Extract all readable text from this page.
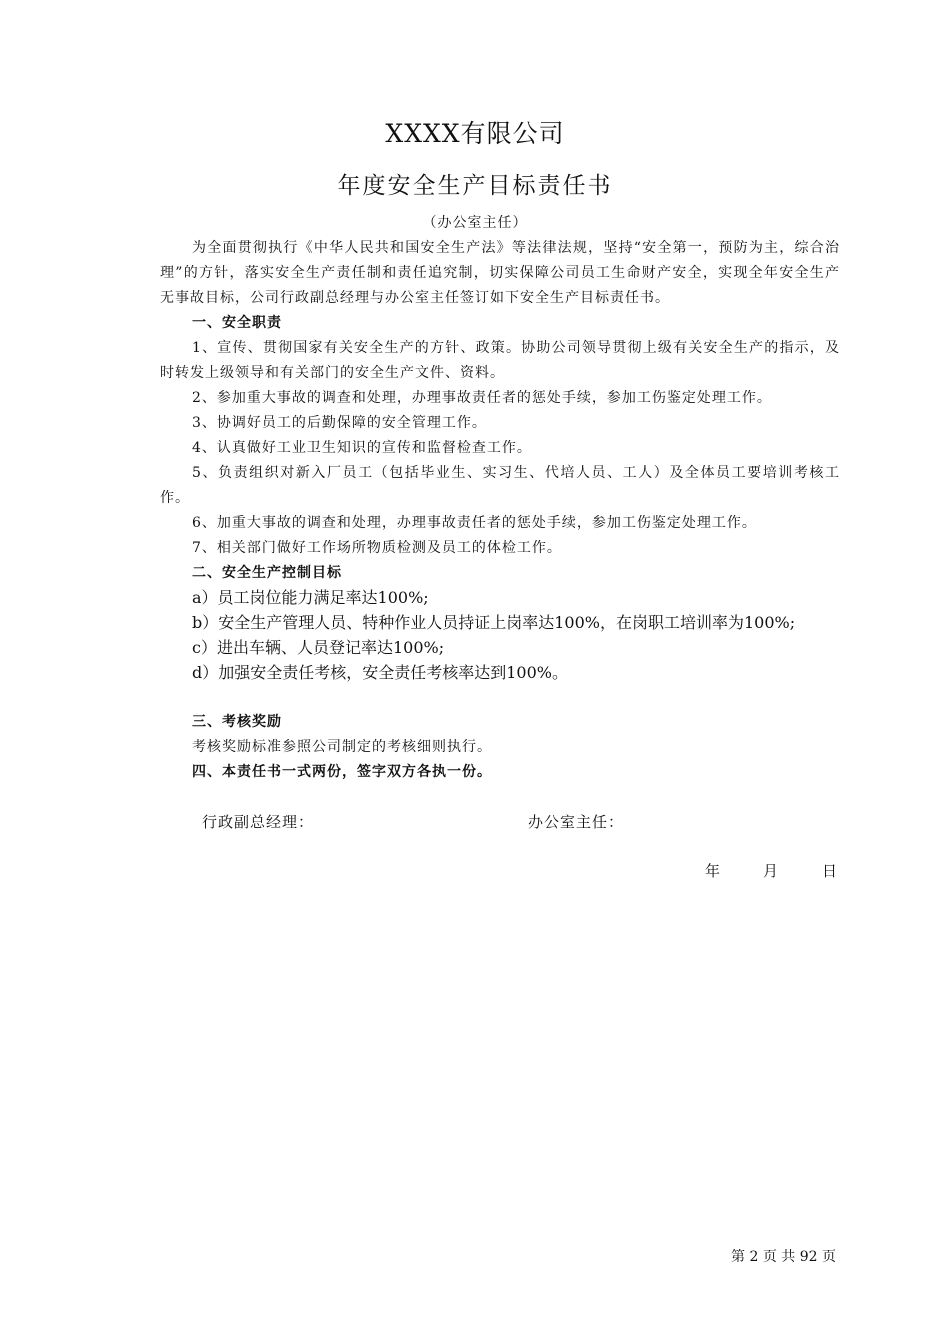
XXXX有限公司
年度安全生产目标责任书
（办公室主任）

为全面贯彻执行《中华人民共和国安全生产法》等法律法规，坚持“安全第一，预防为主，综合治理”的方针，落实安全生产责任制和责任追究制，切实保障公司员工生命财产安全，实现全年安全生产无事故目标，公司行政副总经理与办公室主任签订如下安全生产目标责任书。

一、安全职责

1、宣传、贯彻国家有关安全生产的方针、政策。协助公司领导贯彻上级有关安全生产的指示，及时转发上级领导和有关部门的安全生产文件、资料。

2、参加重大事故的调查和处理，办理事故责任者的惩处手续，参加工伤鉴定处理工作。

3、协调好员工的后勤保障的安全管理工作。

4、认真做好工业卫生知识的宣传和监督检查工作。

5、负责组织对新入厂员工（包括毕业生、实习生、代培人员、工人）及全体员工要培训考核工作。

6、加重大事故的调查和处理，办理事故责任者的惩处手续，参加工伤鉴定处理工作。

7、相关部门做好工作场所物质检测及员工的体检工作。

二、安全生产控制目标

a）员工岗位能力满足率达100%;

b）安全生产管理人员、特种作业人员持证上岗率达100%，在岗职工培训率为100%;

c）进出车辆、人员登记率达100%;

d）加强安全责任考核，安全责任考核率达到100%。

三、考核奖励

考核奖励标准参照公司制定的考核细则执行。

四、本责任书一式两份，签字双方各执一份。
行政副总经理：	办公室主任：
年	月	日
第 2 页 共 92 页
